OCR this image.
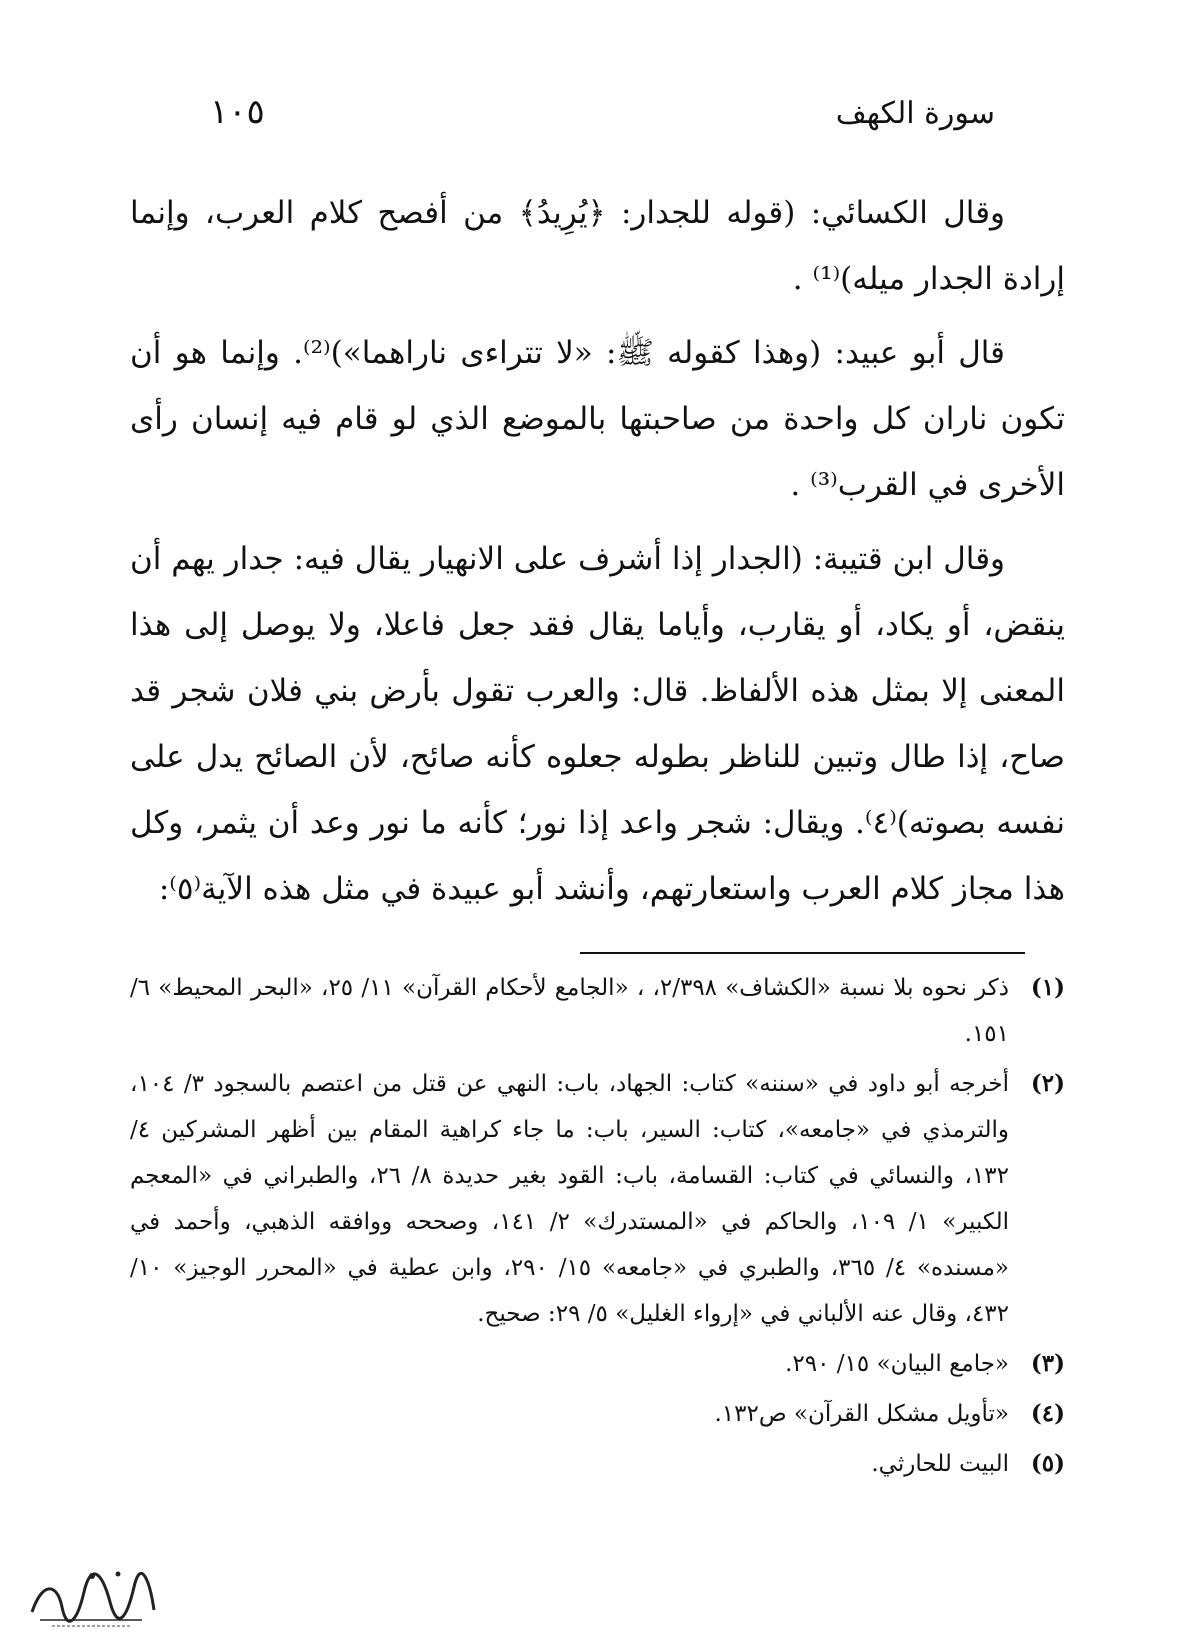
١٠٥	سورة الكهف

وقال الكسائي: (قوله للجدار: ﴿يُرِيدُ﴾ من أفصح كلام العرب، وإنما إرادة الجدار ميله)⁽¹⁾ .

قال أبو عبيد: (وهذا كقوله ﷺ: «لا تتراءى ناراهما»)⁽²⁾. وإنما هو أن تكون ناران كل واحدة من صاحبتها بالموضع الذي لو قام فيه إنسان رأى الأخرى في القرب⁽³⁾ .

وقال ابن قتيبة: (الجدار إذا أشرف على الانهيار يقال فيه: جدار يهم أن ينقض، أو يكاد، أو يقارب، وأياما يقال فقد جعل فاعلا، ولا يوصل إلى هذا المعنى إلا بمثل هذه الألفاظ. قال: والعرب تقول بأرض بني فلان شجر قد صاح، إذا طال وتبين للناظر بطوله جعلوه كأنه صائح، لأن الصائح يدل على نفسه بصوته)⁽٤⁾. ويقال: شجر واعد إذا نور؛ كأنه ما نور وعد أن يثمر، وكل هذا مجاز كلام العرب واستعارتهم، وأنشد أبو عبيدة في مثل هذه الآية⁽٥⁾:

(١)
ذكر نحوه بلا نسبة «الكشاف» ٢/٣٩٨، ، «الجامع لأحكام القرآن» ١١/ ٢٥، «البحر المحيط» ٦/ ١٥١.
(٢)
أخرجه أبو داود في «سننه» كتاب: الجهاد، باب: النهي عن قتل من اعتصم بالسجود ٣/ ١٠٤، والترمذي في «جامعه»، كتاب: السير، باب: ما جاء كراهية المقام بين أظهر المشركين ٤/ ١٣٢، والنسائي في كتاب: القسامة، باب: القود بغير حديدة ٨/ ٢٦، والطبراني في «المعجم الكبير» ١/ ١٠٩، والحاكم في «المستدرك» ٢/ ١٤١، وصححه ووافقه الذهبي، وأحمد في «مسنده» ٤/ ٣٦٥، والطبري في «جامعه» ١٥/ ٢٩٠، وابن عطية في «المحرر الوجيز» ١٠/ ٤٣٢، وقال عنه الألباني في «إرواء الغليل» ٥/ ٢٩: صحيح.
(٣)
«جامع البيان» ١٥/ ٢٩٠.
(٤)
«تأويل مشكل القرآن» ص١٣٢.
(٥)
البيت للحارثي.
